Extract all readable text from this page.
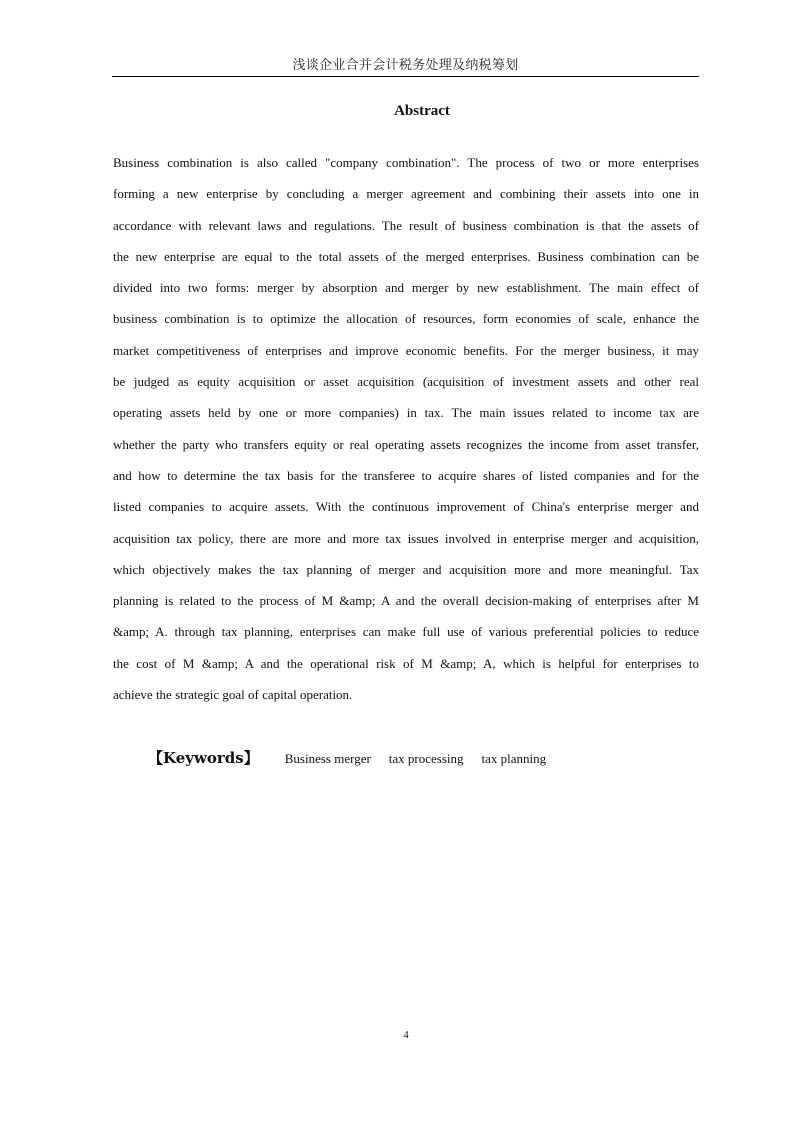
浅谈企业合并会计税务处理及纳税筹划
Abstract
Business combination is also called "company combination". The process of two or more enterprises
forming a new enterprise by concluding a merger agreement and combining their assets into one in
accordance with relevant laws and regulations. The result of business combination is that the assets of
the new enterprise are equal to the total assets of the merged enterprises. Business combination can be
divided into two forms: merger by absorption and merger by new establishment. The main effect of
business combination is to optimize the allocation of resources, form economies of scale, enhance the
market competitiveness of enterprises and improve economic benefits. For the merger business, it may
be judged as equity acquisition or asset acquisition (acquisition of investment assets and other real
operating assets held by one or more companies) in tax. The main issues related to income tax are
whether the party who transfers equity or real operating assets recognizes the income from asset transfer,
and how to determine the tax basis for the transferee to acquire shares of listed companies and for the
listed companies to acquire assets. With the continuous improvement of China's enterprise merger and
acquisition tax policy, there are more and more tax issues involved in enterprise merger and acquisition,
which objectively makes the tax planning of merger and acquisition more and more meaningful. Tax
planning is related to the process of M &amp; A and the overall decision-making of enterprises after M
&amp; A. through tax planning, enterprises can make full use of various preferential policies to reduce
the cost of M &amp; A and the operational risk of M &amp; A, which is helpful for enterprises to
achieve the strategic goal of capital operation.
【Keywords】 Business merger tax processing tax planning
4
